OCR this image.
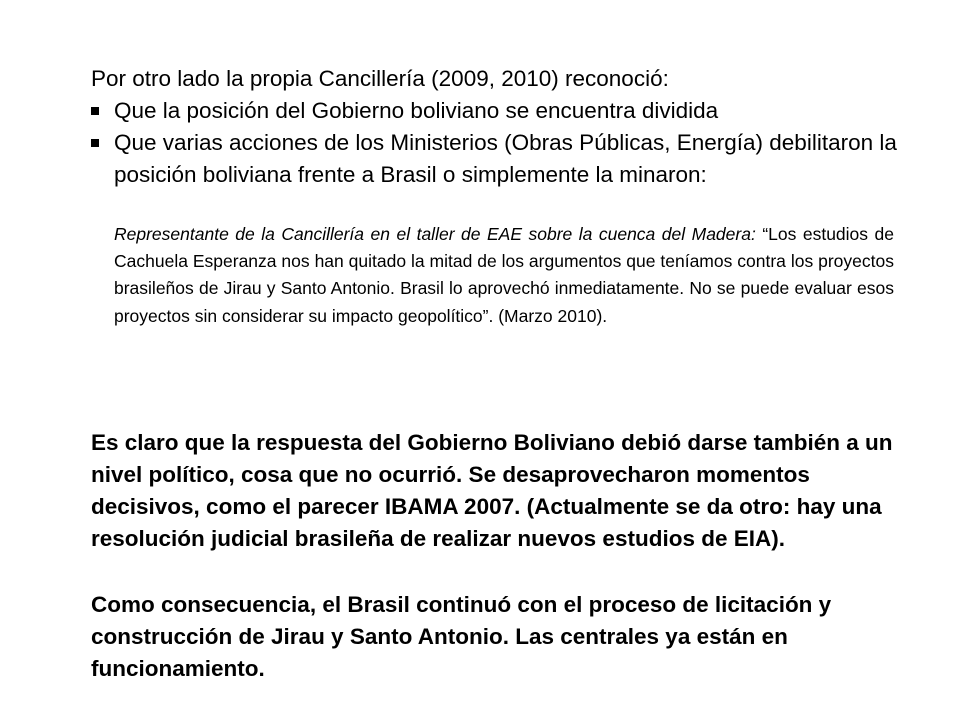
Por otro lado la propia Cancillería (2009, 2010) reconoció:
Que la posición del Gobierno boliviano se encuentra dividida
Que varias acciones de los Ministerios (Obras Públicas, Energía) debilitaron la posición boliviana frente a Brasil o simplemente la minaron:
Representante de la Cancillería en el taller de EAE sobre la cuenca del Madera: “Los estudios de Cachuela Esperanza nos han quitado la mitad de los argumentos que teníamos contra los proyectos brasileños de Jirau y Santo Antonio. Brasil lo aprovechó inmediatamente. No se puede evaluar esos proyectos sin considerar su impacto geopolítico”. (Marzo 2010).
Es claro que la respuesta del Gobierno Boliviano debió darse también a un nivel político, cosa que no ocurrió. Se desaprovecharon momentos decisivos, como el parecer IBAMA 2007. (Actualmente se da otro: hay una resolución judicial brasileña de realizar nuevos estudios de EIA).
Como consecuencia, el Brasil continuó con el proceso de licitación y construcción de Jirau y Santo Antonio. Las centrales ya están en funcionamiento.
